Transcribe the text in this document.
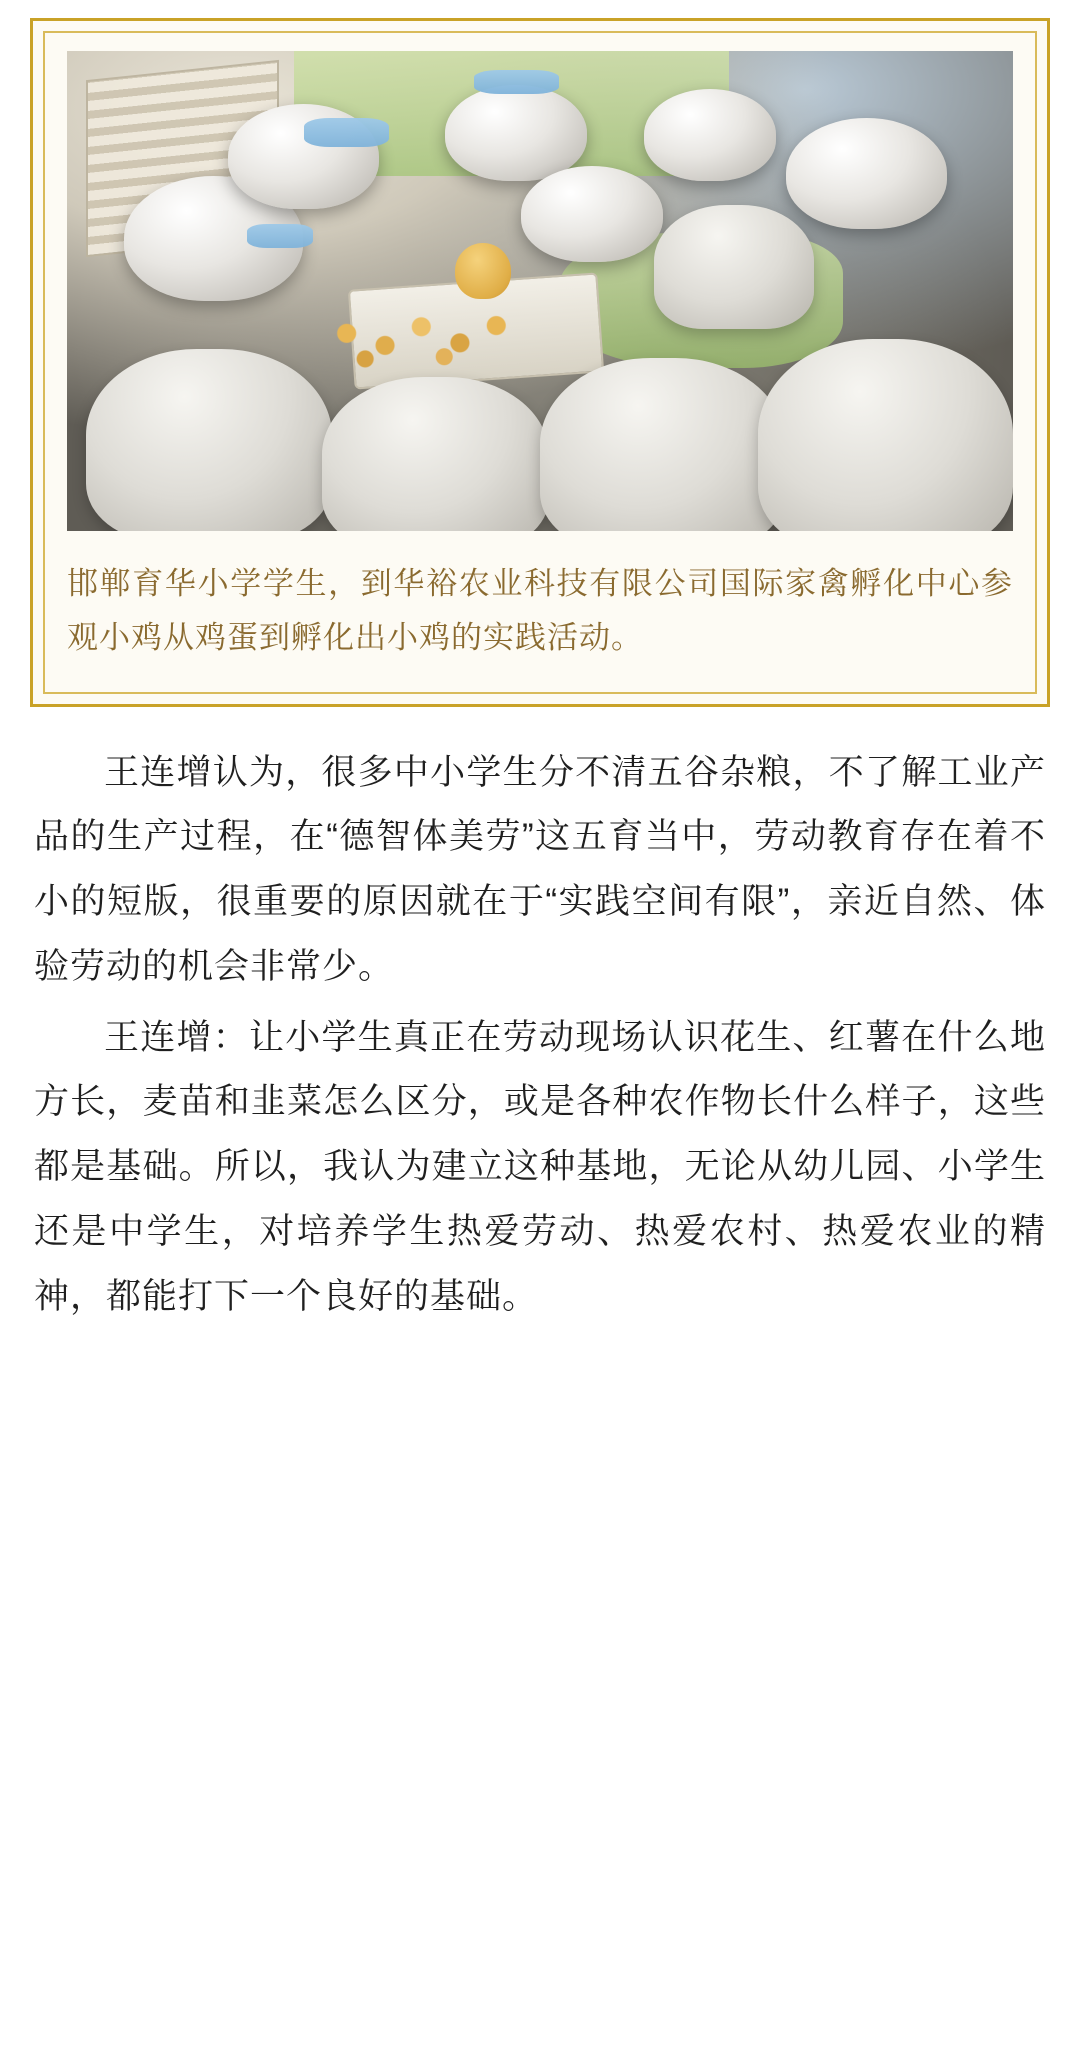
邯郸育华小学学生，到华裕农业科技有限公司国际家禽孵化中心参观小鸡从鸡蛋到孵化出小鸡的实践活动。

王连增认为，很多中小学生分不清五谷杂粮，不了解工业产品的生产过程，在“德智体美劳”这五育当中，劳动教育存在着不小的短版，很重要的原因就在于“实践空间有限”，亲近自然、体验劳动的机会非常少。

王连增：让小学生真正在劳动现场认识花生、红薯在什么地方长，麦苗和韭菜怎么区分，或是各种农作物长什么样子，这些都是基础。所以，我认为建立这种基地，无论从幼儿园、小学生还是中学生，对培养学生热爱劳动、热爱农村、热爱农业的精神，都能打下一个良好的基础。
